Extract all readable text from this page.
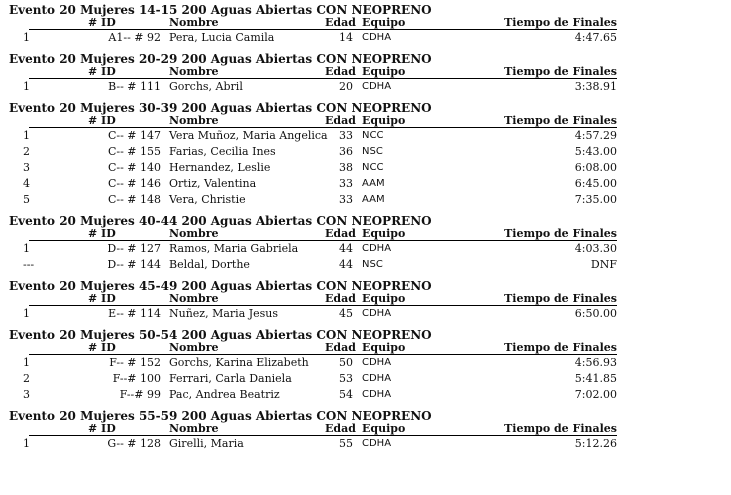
Evento 20 Mujeres 14-15 200 Aguas Abiertas CON NEOPRENO
# ID	Nombre	Edad Equipo	Tiempo de Finales
1	A1-- # 92 Pera, Lucia Camila	14 CDHA	4:47.65
Evento 20 Mujeres 20-29 200 Aguas Abiertas CON NEOPRENO
# ID	Nombre	Edad Equipo	Tiempo de Finales
1	B-- # 111 Gorchs, Abril	20 CDHA	3:38.91
Evento 20 Mujeres 30-39 200 Aguas Abiertas CON NEOPRENO
# ID	Nombre	Edad Equipo	Tiempo de Finales
1	C-- # 147 Vera Muñoz, Maria Angelica 33 NCC	4:57.29
2	C-- # 155 Farias, Cecilia Ines	36 NSC	5:43.00
3	C-- # 140 Hernandez, Leslie	38 NCC	6:08.00
4	C-- # 146 Ortiz, Valentina	33 AAM	6:45.00
5	C-- # 148 Vera, Christie	33 AAM	7:35.00
Evento 20 Mujeres 40-44 200 Aguas Abiertas CON NEOPRENO
# ID	Nombre	Edad Equipo	Tiempo de Finales
1	D-- # 127 Ramos, Maria Gabriela	44 CDHA	4:03.30
---	D-- # 144 Beldal, Dorthe	44 NSC	DNF
Evento 20 Mujeres 45-49 200 Aguas Abiertas CON NEOPRENO
# ID	Nombre	Edad Equipo	Tiempo de Finales
1	E-- # 114 Nuñez, Maria Jesus	45 CDHA	6:50.00
Evento 20 Mujeres 50-54 200 Aguas Abiertas CON NEOPRENO
# ID	Nombre	Edad Equipo	Tiempo de Finales
1	F-- # 152 Gorchs, Karina Elizabeth	50 CDHA	4:56.93
2	F--# 100 Ferrari, Carla Daniela	53 CDHA	5:41.85
3	F--# 99 Pac, Andrea Beatriz	54 CDHA	7:02.00
Evento 20 Mujeres 55-59 200 Aguas Abiertas CON NEOPRENO
# ID	Nombre	Edad Equipo	Tiempo de Finales
1	G-- # 128 Girelli, Maria	55 CDHA	5:12.26
